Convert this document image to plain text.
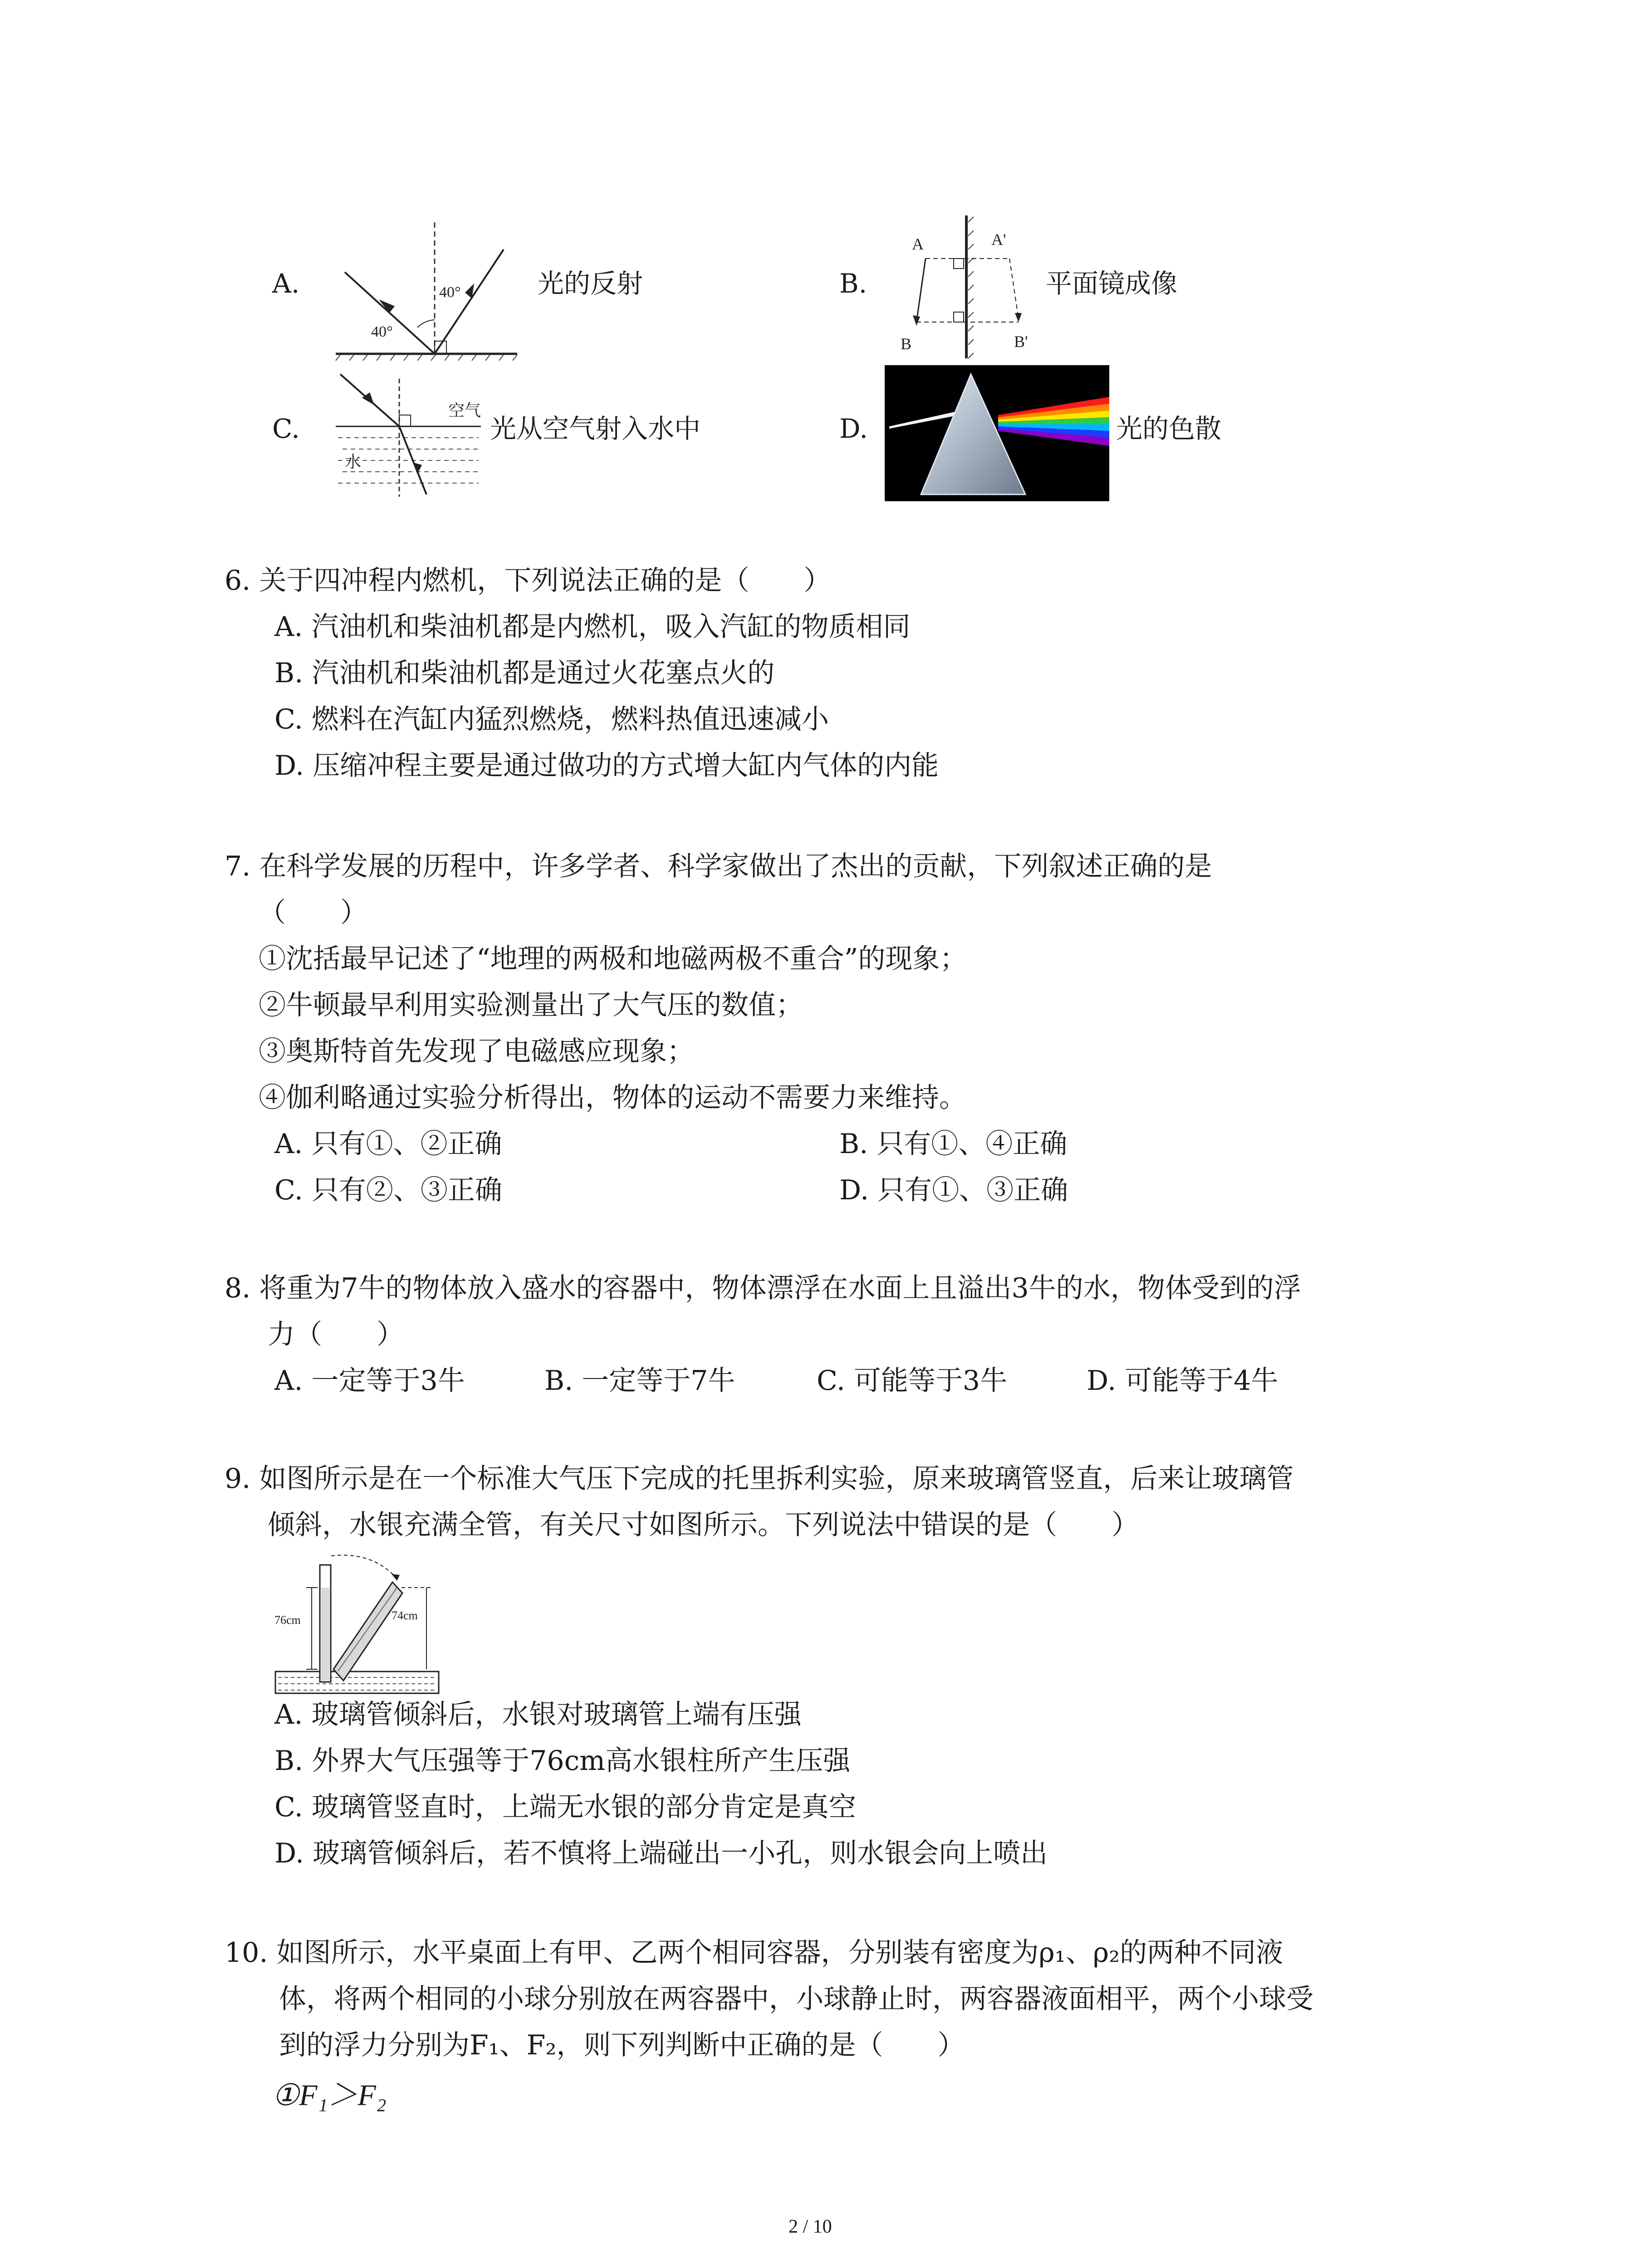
A.	40°
40°
光的反射	B.
A	A'
B	B'
平面镜成像
C.
空气
水
光从空气射入水中	D.	光的色散
6. 关于四冲程内燃机，下列说法正确的是（　　）
A. 汽油机和柴油机都是内燃机，吸入汽缸的物质相同
B. 汽油机和柴油机都是通过火花塞点火的
C. 燃料在汽缸内猛烈燃烧，燃料热值迅速减小
D. 压缩冲程主要是通过做功的方式增大缸内气体的内能
7. 在科学发展的历程中，许多学者、科学家做出了杰出的贡献，下列叙述正确的是
（　　）
①沈括最早记述了“地理的两极和地磁两极不重合”的现象；
②牛顿最早利用实验测量出了大气压的数值；
③奥斯特首先发现了电磁感应现象；
④伽利略通过实验分析得出，物体的运动不需要力来维持。
A. 只有①、②正确	B. 只有①、④正确
C. 只有②、③正确	D. 只有①、③正确
8. 将重为7牛的物体放入盛水的容器中，物体漂浮在水面上且溢出3牛的水，物体受到的浮
力（　　）
A. 一定等于3牛	B. 一定等于7牛	C. 可能等于3牛	D. 可能等于4牛
9. 如图所示是在一个标准大气压下完成的托里拆利实验，原来玻璃管竖直，后来让玻璃管
倾斜，水银充满全管，有关尺寸如图所示。下列说法中错误的是（　　）
76cm	74cm
A. 玻璃管倾斜后，水银对玻璃管上端有压强
B. 外界大气压强等于76cm高水银柱所产生压强
C. 玻璃管竖直时，上端无水银的部分肯定是真空
D. 玻璃管倾斜后，若不慎将上端碰出一小孔，则水银会向上喷出
10. 如图所示，水平桌面上有甲、乙两个相同容器，分别装有密度为ρ₁、ρ₂的两种不同液
体，将两个相同的小球分别放在两容器中，小球静止时，两容器液面相平，两个小球受
到的浮力分别为F₁、F₂，则下列判断中正确的是（　　）
①F₁＞F₂
2 / 10
